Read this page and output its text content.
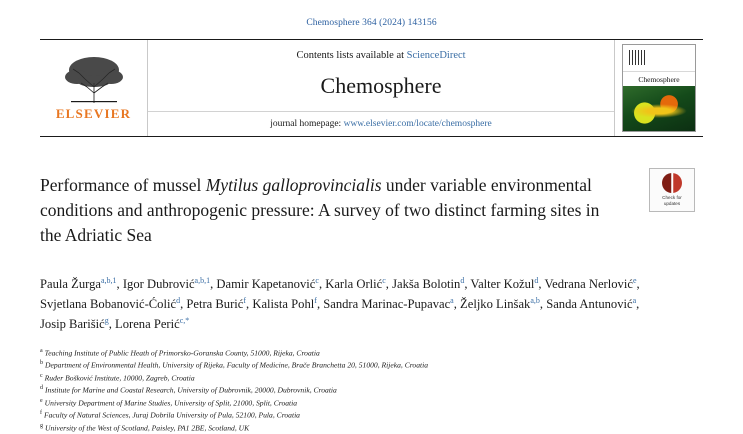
Chemosphere 364 (2024) 143156
ELSEVIER
Contents lists available at ScienceDirect
Chemosphere
journal homepage: www.elsevier.com/locate/chemosphere
Chemosphere
Check for
updates
Performance of mussel Mytilus galloprovincialis under variable environmental conditions and anthropogenic pressure: A survey of two distinct farming sites in the Adriatic Sea
Paula Žurga$^{a,b,1}$, Igor Dubrović$^{a,b,1}$, Damir Kapetanović$^c$, Karla Orlić$^c$, Jakša Bolotin$^d$, Valter Kožul$^d$, Vedrana Nerlović$^e$, Svjetlana Bobanović-Ćolić$^d$, Petra Burić$^f$, Kalista Pohl$^f$, Sandra Marinac-Pupavac$^a$, Željko Linšak$^{a,b}$, Sanda Antunović$^a$, Josip Barišić$^g$, Lorena Perić$^{c,*}$
$^a$ Teaching Institute of Public Heath of Primorsko-Goranska County, 51000, Rijeka, Croatia
$^b$ Department of Environmental Health, University of Rijeka, Faculty of Medicine, Brače Branchetta 20, 51000, Rijeka, Croatia
$^c$ Ruđer Bošković Institute, 10000, Zagreb, Croatia
$^d$ Institute for Marine and Coastal Research, University of Dubrovnik, 20000, Dubrovnik, Croatia
$^e$ University Department of Marine Studies, University of Split, 21000, Split, Croatia
$^f$ Faculty of Natural Sciences, Juraj Dobrila University of Pula, 52100, Pula, Croatia
$^g$ University of the West of Scotland, Paisley, PA1 2BE, Scotland, UK
